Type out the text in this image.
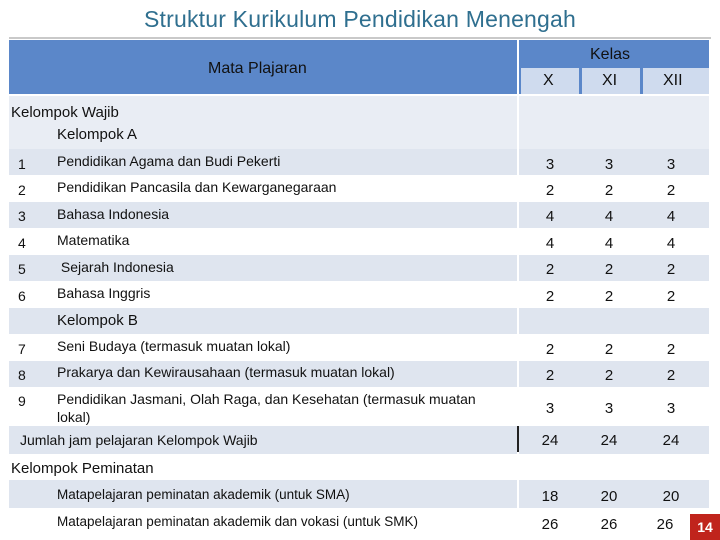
Struktur Kurikulum Pendidikan Menengah
Mata Plajaran
Kelas
X	XI	XII
Kelompok Wajib
Kelompok A
1 Pendidikan Agama dan Budi Pekerti	3	3	3
2 Pendidikan Pancasila dan Kewarganegaraan	2	2	2
3 Bahasa Indonesia	4	4	4
4 Matematika	4	4	4
5 Sejarah Indonesia	2	2	2
6 Bahasa Inggris	2	2	2
Kelompok B
7 Seni Budaya (termasuk muatan lokal)	2	2	2
8 Prakarya dan Kewirausahaan (termasuk muatan lokal)	2	2	2
9 Pendidikan Jasmani, Olah Raga, dan Kesehatan (termasuk muatan
lokal)	3	3	3
Jumlah jam pelajaran Kelompok Wajib	24	24	24
Kelompok Peminatan
Matapelajaran peminatan akademik (untuk SMA)	18	20	20
Matapelajaran peminatan akademik dan vokasi (untuk SMK)	26	26	26	14
